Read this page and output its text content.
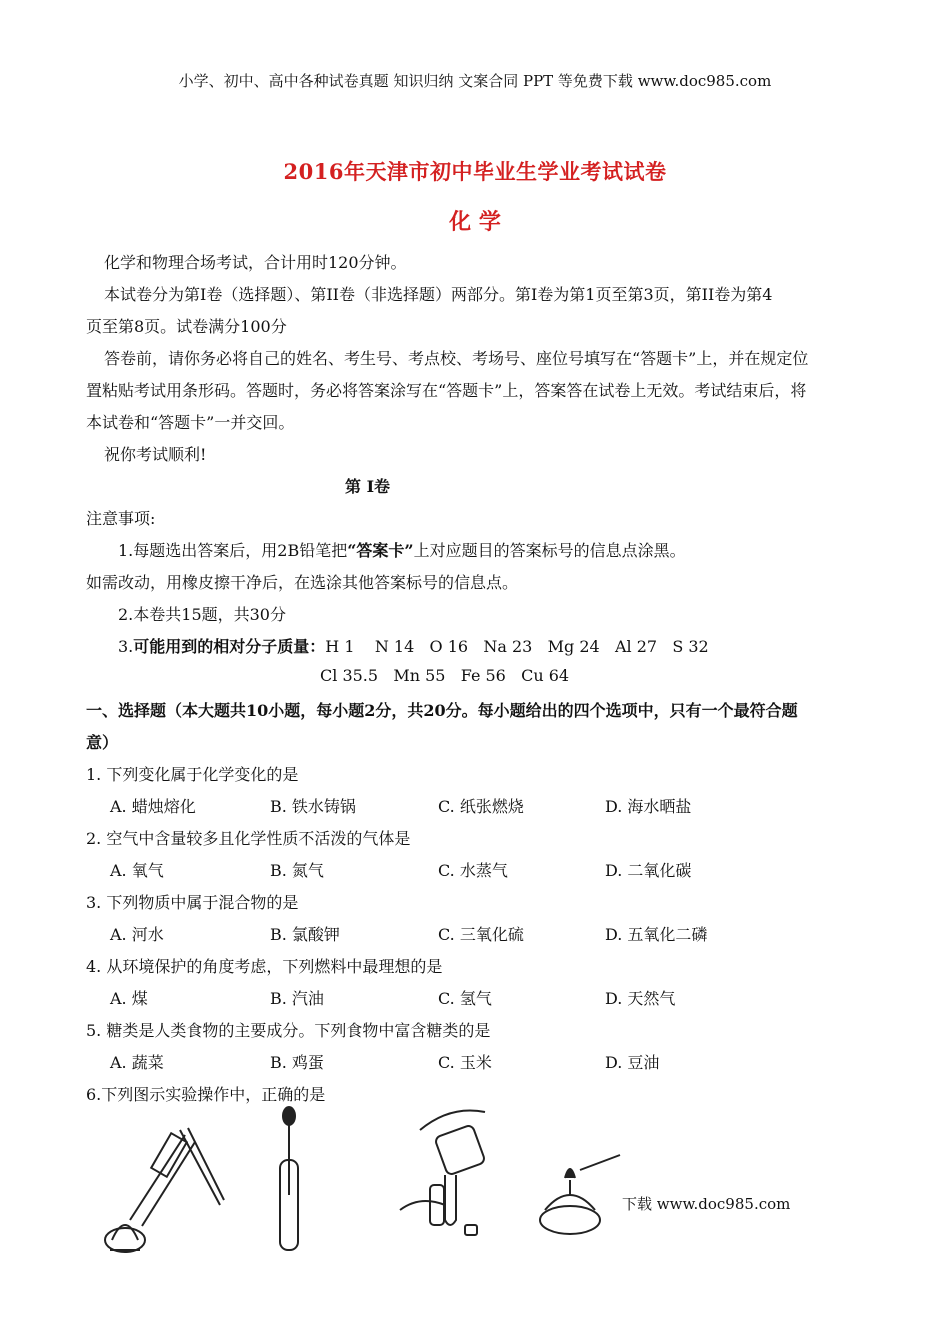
小学、初中、高中各种试卷真题 知识归纳 文案合同 PPT 等免费下载 www.doc985.com
2016年天津市初中毕业生学业考试试卷
化 学
化学和物理合场考试，合计用时120分钟。
本试卷分为第I卷（选择题）、第II卷（非选择题）两部分。第I卷为第1页至第3页，第II卷为第4
页至第8页。试卷满分100分
答卷前，请你务必将自己的姓名、考生号、考点校、考场号、座位号填写在“答题卡”上，并在规定位
置粘贴考试用条形码。答题时，务必将答案涂写在“答题卡”上，答案答在试卷上无效。考试结束后，将
本试卷和“答题卡”一并交回。
祝你考试顺利!
第 I卷
注意事项:
1.每题选出答案后，用2B铅笔把“答案卡”上对应题目的答案标号的信息点涂黑。
如需改动，用橡皮擦干净后，在选涂其他答案标号的信息点。
2.本卷共15题，共30分
3.可能用到的相对分子质量：H 1    N 14   O 16   Na 23   Mg 24   Al 27   S 32
Cl 35.5   Mn 55   Fe 56   Cu 64
一、选择题（本大题共10小题，每小题2分，共20分。每小题给出的四个选项中，只有一个最符合题
意）
1. 下列变化属于化学变化的是
A. 蜡烛熔化	B. 铁水铸锅	C. 纸张燃烧	D. 海水晒盐
2. 空气中含量较多且化学性质不活泼的气体是
A. 氧气	B. 氮气	C. 水蒸气	D. 二氧化碳
3. 下列物质中属于混合物的是
A. 河水	B. 氯酸钾	C. 三氧化硫	D. 五氧化二磷
4. 从环境保护的角度考虑，下列燃料中最理想的是
A. 煤	B. 汽油	C. 氢气	D. 天然气
5. 糖类是人类食物的主要成分。下列食物中富含糖类的是
A. 蔬菜	B. 鸡蛋	C. 玉米	D. 豆油
6.下列图示实验操作中，正确的是
下载 www.doc985.com
